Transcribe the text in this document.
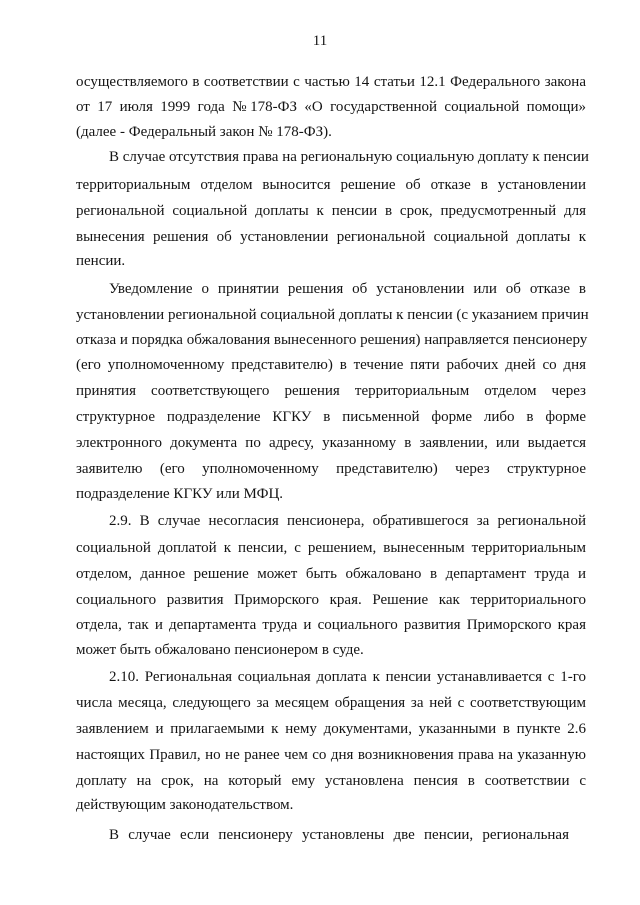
11
осуществляемого в соответствии с частью 14 статьи 12.1 Федерального закона
от 17 июля 1999 года №178-ФЗ «О государственной социальной помощи»
(далее - Федеральный закон № 178-ФЗ).
В случае отсутствия права на региональную социальную доплату к пенсии
территориальным отделом выносится решение об отказе в установлении
региональной социальной доплаты к пенсии в срок, предусмотренный для
вынесения решения об установлении региональной социальной доплаты к
пенсии.
Уведомление о принятии решения об установлении или об отказе в
установлении региональной социальной доплаты к пенсии (с указанием причин
отказа и порядка обжалования вынесенного решения) направляется пенсионеру
(его уполномоченному представителю) в течение пяти рабочих дней со дня
принятия соответствующего решения территориальным отделом через
структурное подразделение КГКУ в письменной форме либо в форме
электронного документа по адресу, указанному в заявлении, или выдается
заявителю (его уполномоченному представителю) через структурное
подразделение КГКУ или МФЦ.
2.9. В случае несогласия пенсионера, обратившегося за региональной
социальной доплатой к пенсии, с решением, вынесенным территориальным
отделом, данное решение может быть обжаловано в департамент труда и
социального развития Приморского края. Решение как территориального
отдела, так и департамента труда и социального развития Приморского края
может быть обжаловано пенсионером в суде.
2.10. Региональная социальная доплата к пенсии устанавливается с 1-го
числа месяца, следующего за месяцем обращения за ней с соответствующим
заявлением и прилагаемыми к нему документами, указанными в пункте 2.6
настоящих Правил, но не ранее чем со дня возникновения права на указанную
доплату на срок, на который ему установлена пенсия в соответствии с
действующим законодательством.
В случае если пенсионеру установлены две пенсии, региональная
